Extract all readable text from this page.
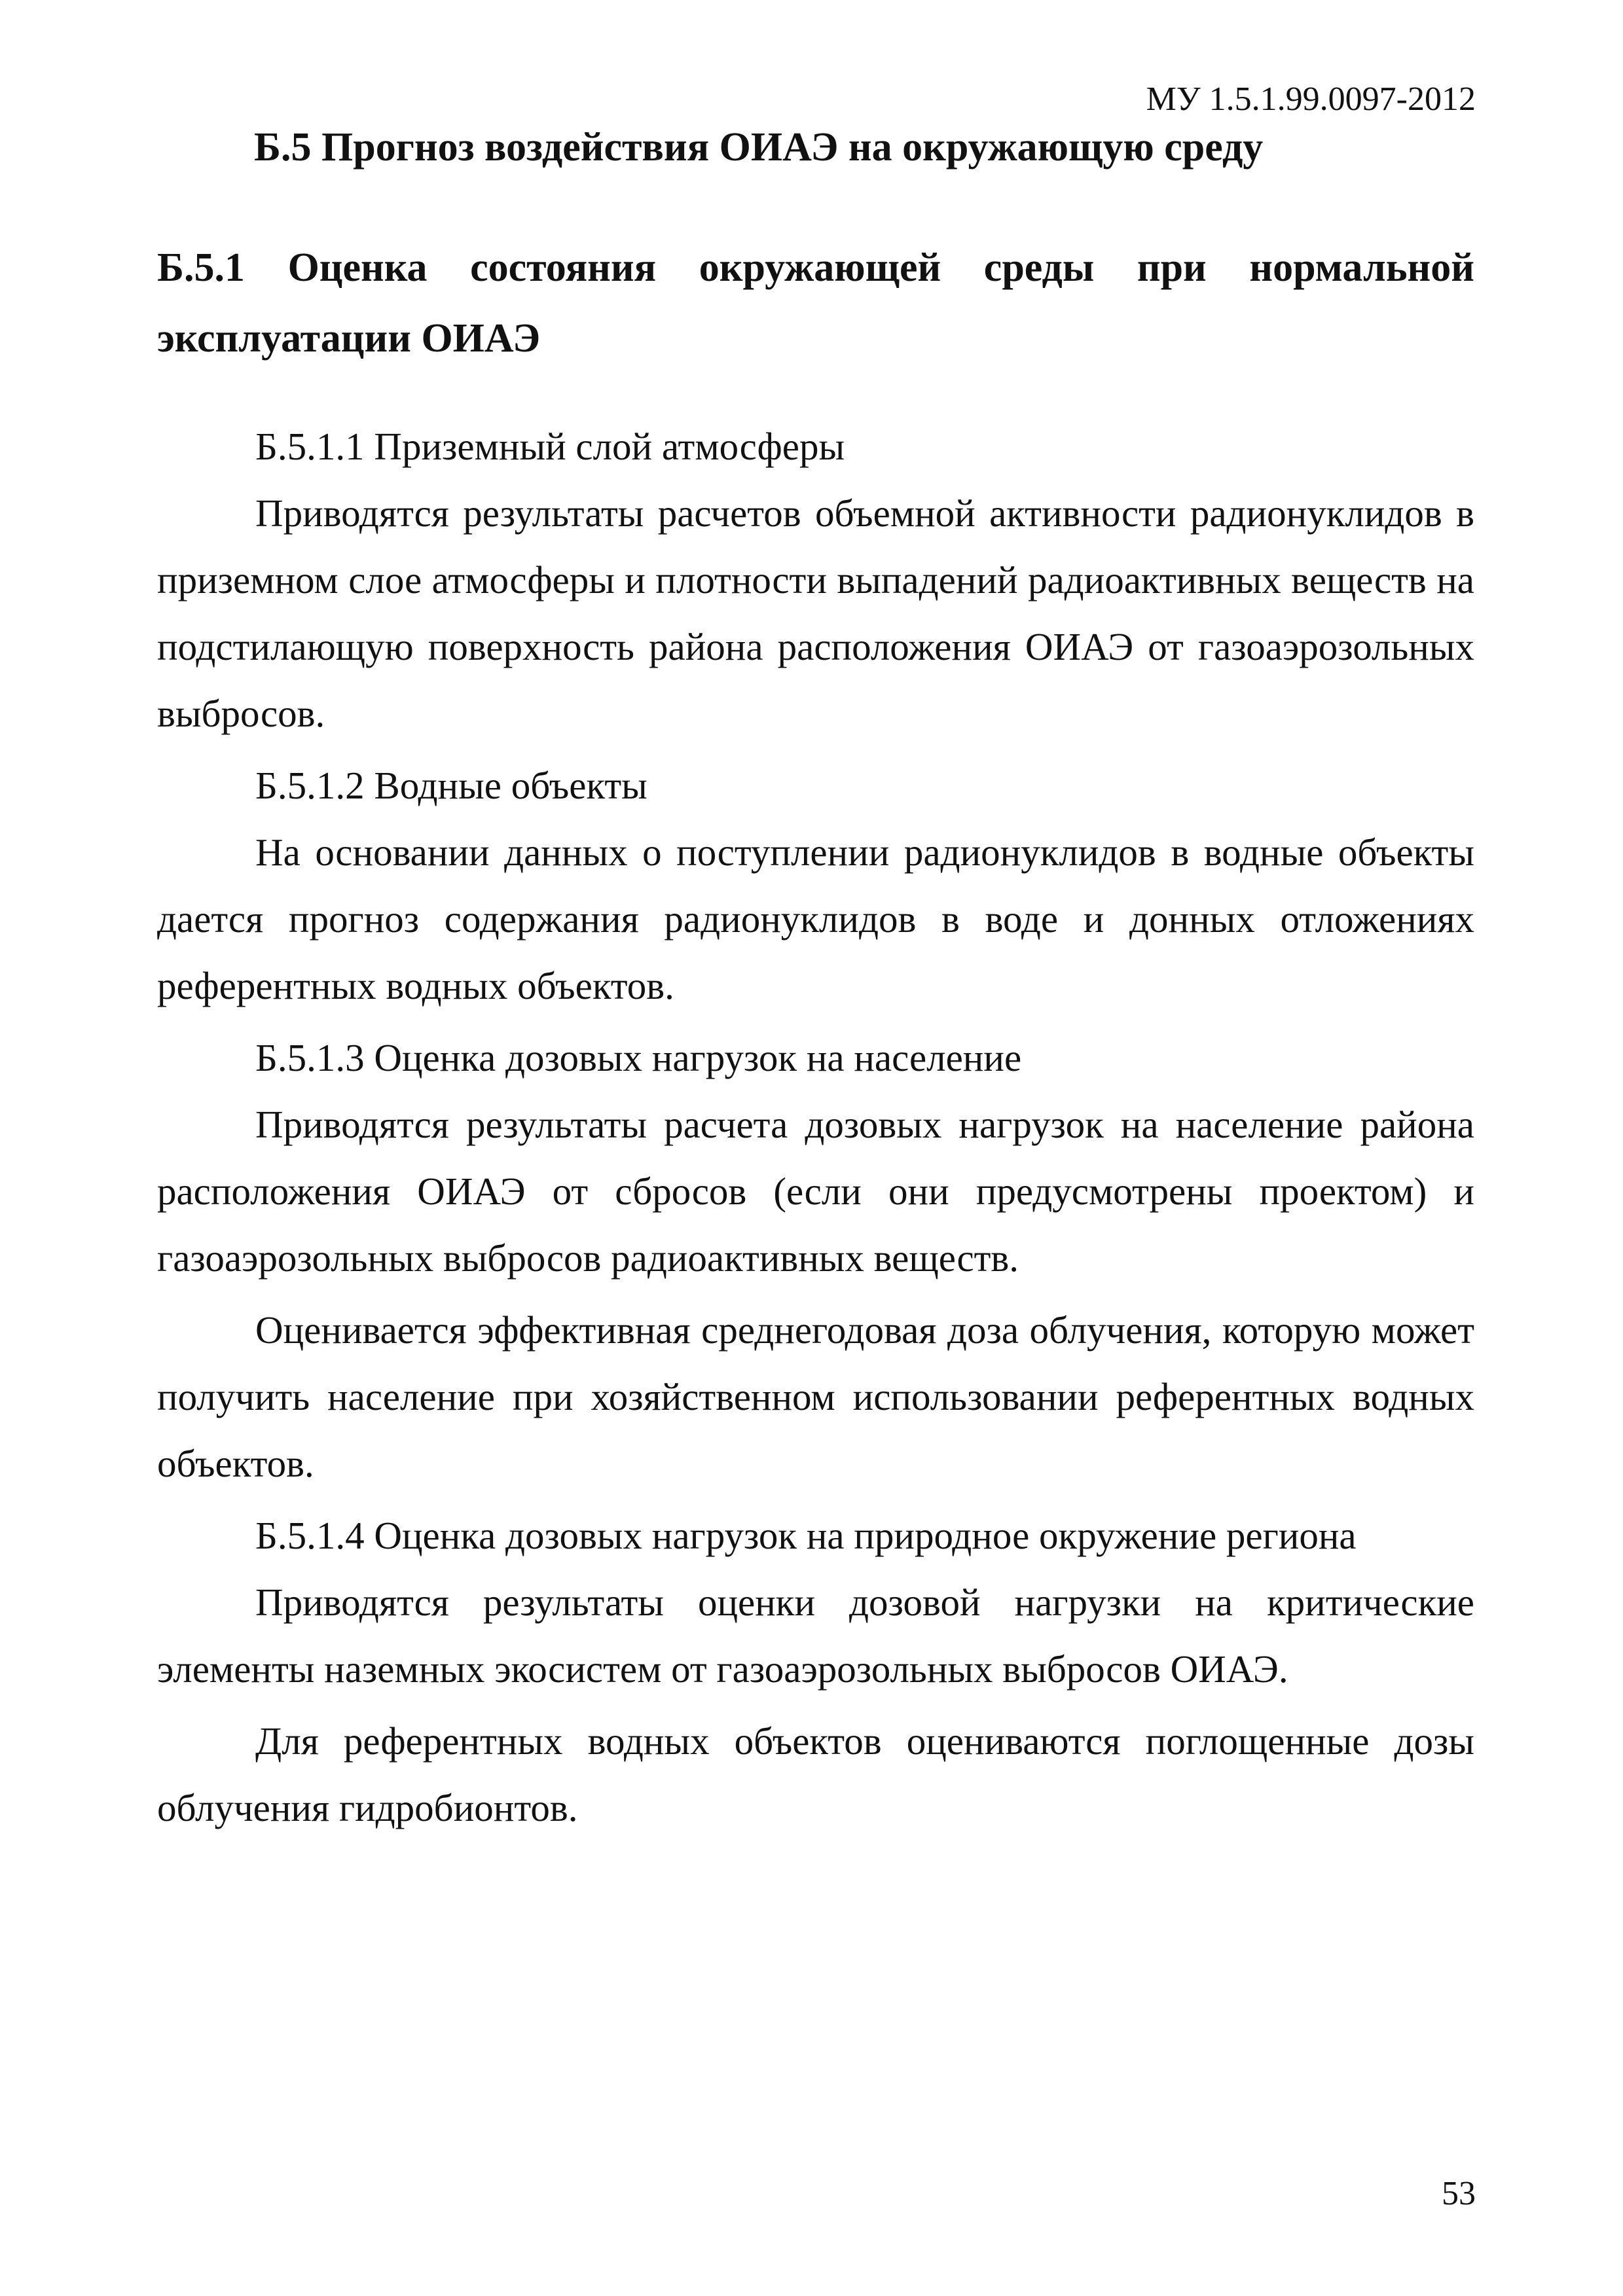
МУ 1.5.1.99.0097-2012
Б.5 Прогноз воздействия ОИАЭ на окружающую среду
Б.5.1 Оценка состояния окружающей среды при нормальной
эксплуатации ОИАЭ

Б.5.1.1 Приземный слой атмосферы

Приводятся результаты расчетов объемной активности радионуклидов в приземном слое атмосферы и плотности выпадений радиоактивных веществ на подстилающую поверхность района расположения ОИАЭ от газоаэрозольных выбросов.

Б.5.1.2 Водные объекты

На основании данных о поступлении радионуклидов в водные объекты дается прогноз содержания радионуклидов в воде и донных отложениях референтных водных объектов.

Б.5.1.3 Оценка дозовых нагрузок на население

Приводятся результаты расчета дозовых нагрузок на население района расположения ОИАЭ от сбросов (если они предусмотрены проектом) и газоаэрозольных выбросов радиоактивных веществ.

Оценивается эффективная среднегодовая доза облучения, которую может получить население при хозяйственном использовании референтных водных объектов.

Б.5.1.4 Оценка дозовых нагрузок на природное окружение региона

Приводятся результаты оценки дозовой нагрузки на критические элементы наземных экосистем от газоаэрозольных выбросов ОИАЭ.

Для референтных водных объектов оцениваются поглощенные дозы облучения гидробионтов.

53
